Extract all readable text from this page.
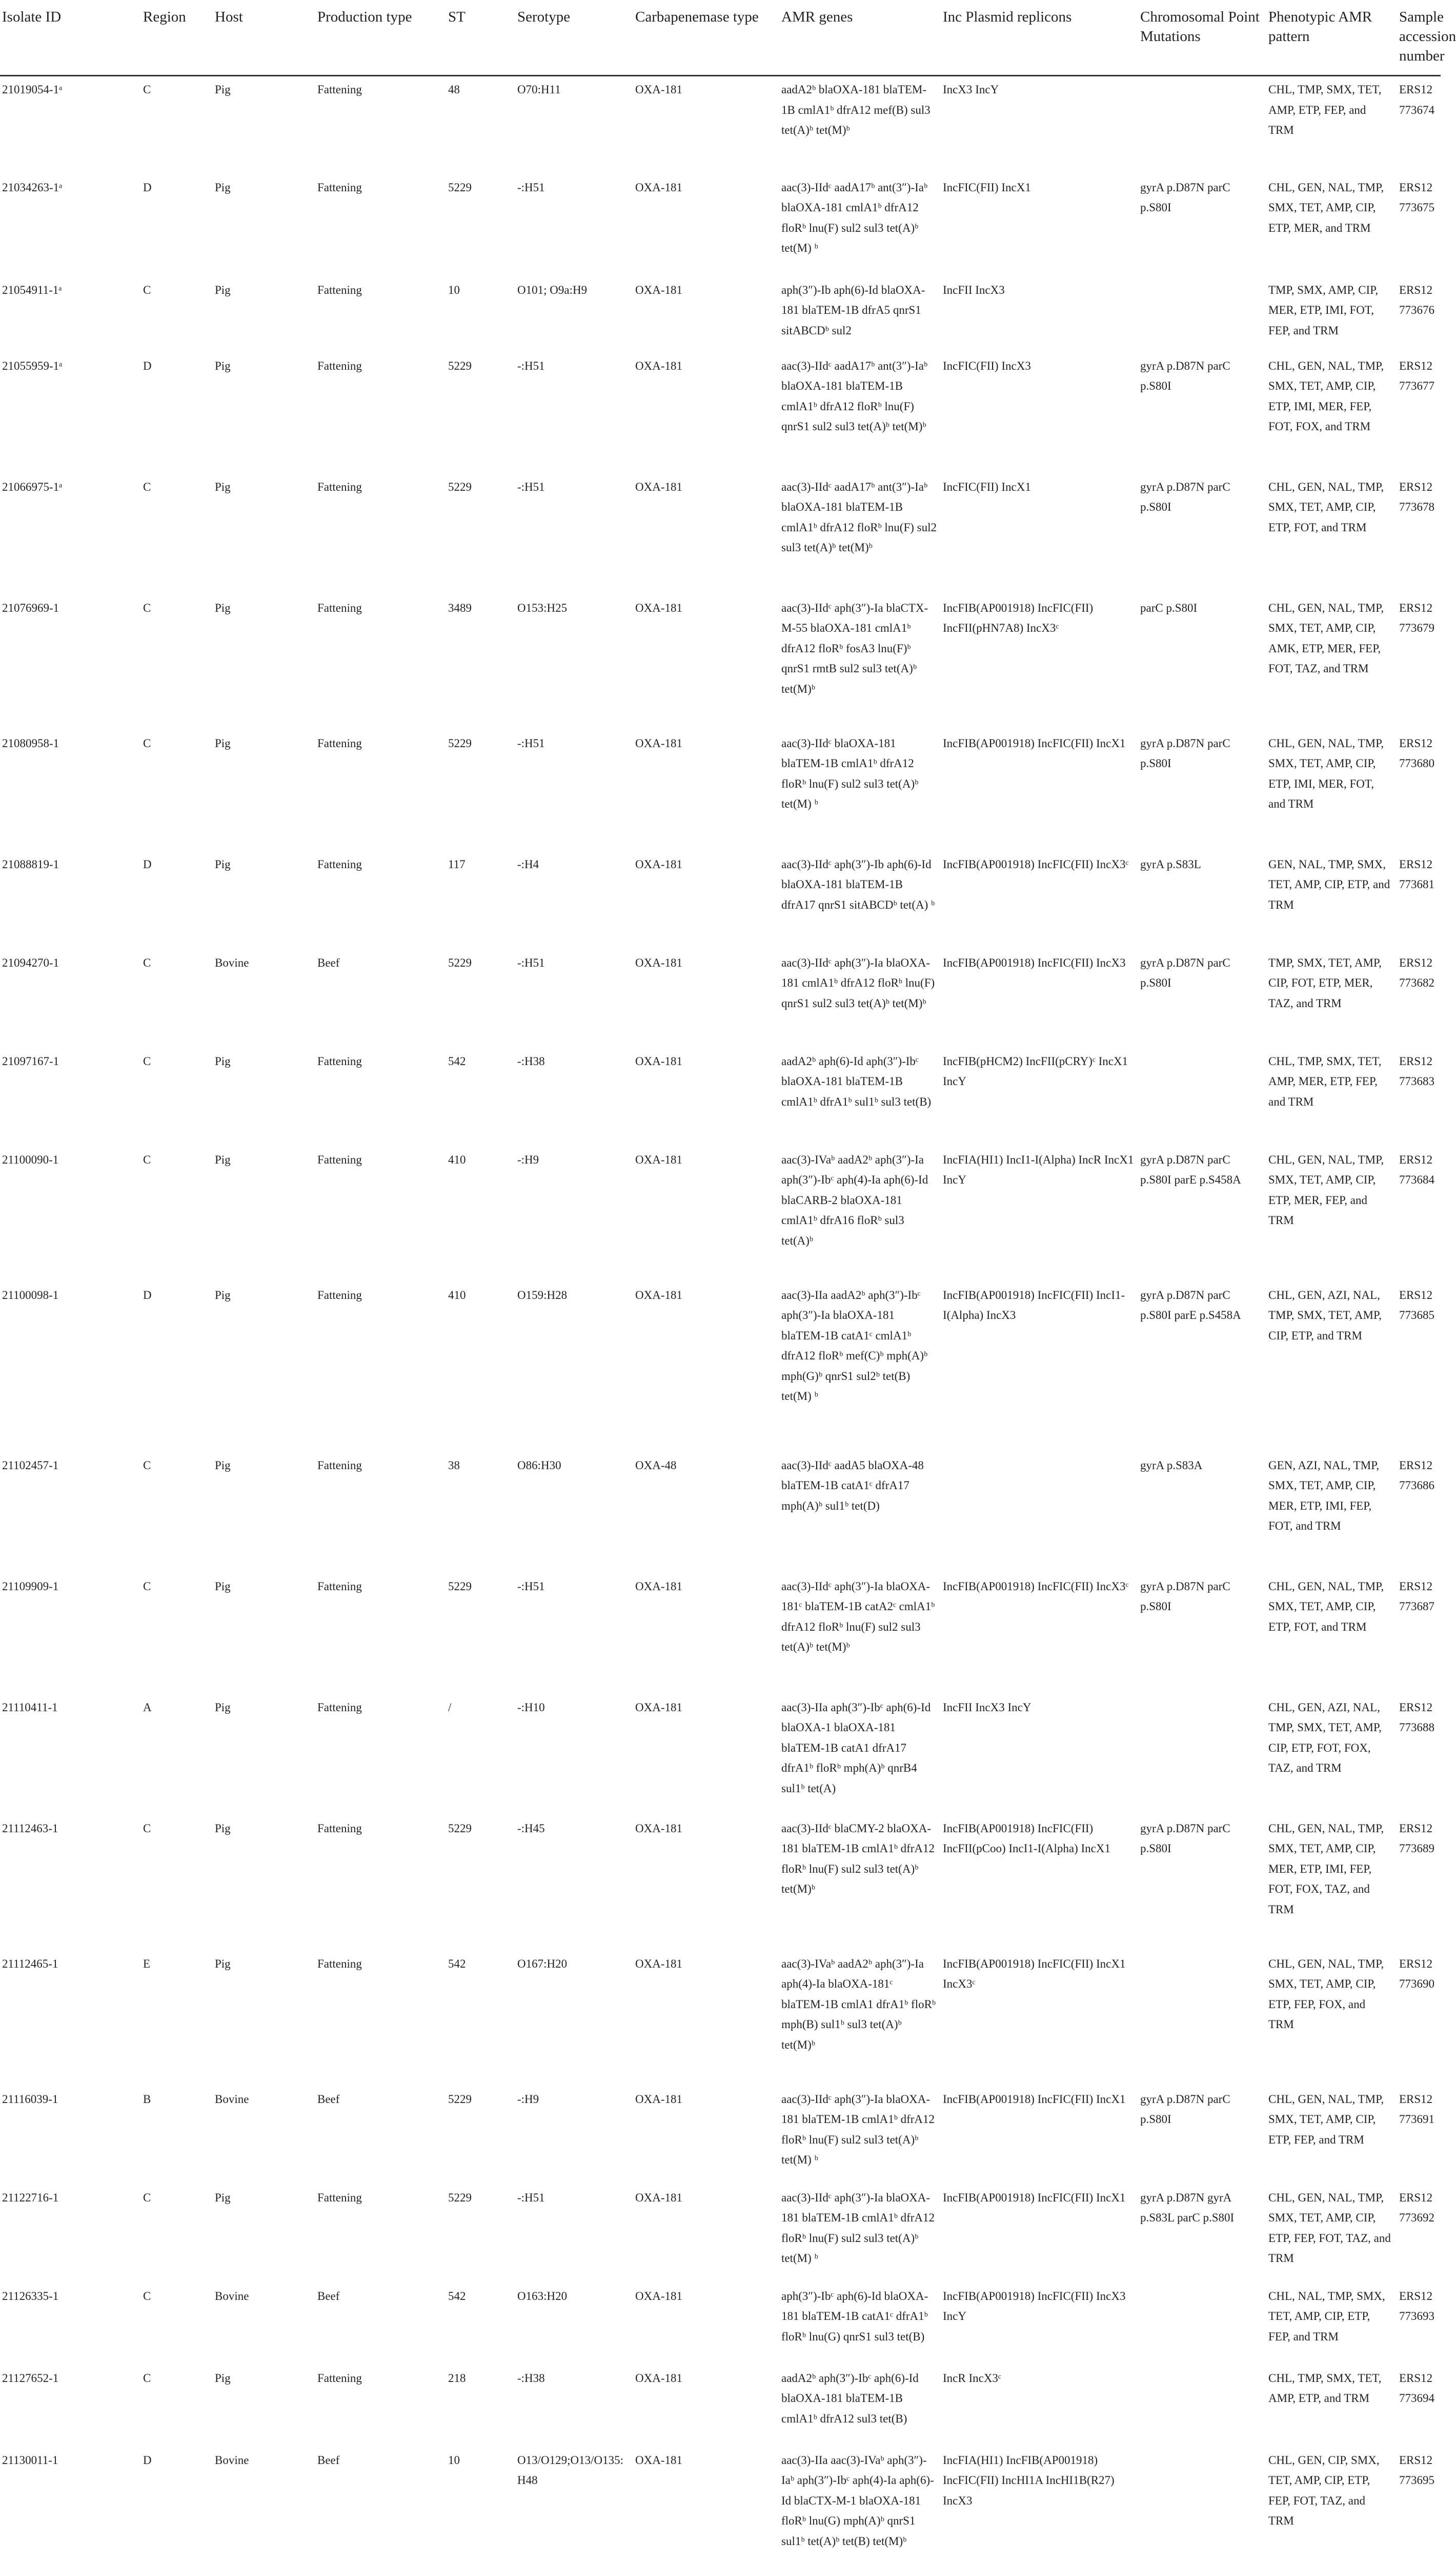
Isolate ID	Region	Host	Production type	ST	Serotype	Carbapenemase type	AMR genes	Inc Plasmid replicons	Chromosomal Point Mutations	Phenotypic AMR pattern	Sample accession number
21019054-1ᵃ	C	Pig	Fattening	48	O70:H11	OXA-181	aadA2ᵇ blaOXA-181 blaTEM-1B cmlA1ᵇ dfrA12 mef(B) sul3 tet(A)ᵇ tet(M)ᵇ	IncX3 IncY		CHL, TMP, SMX, TET, AMP, ETP, FEP, and TRM	ERS12773674
21034263-1ᵃ	D	Pig	Fattening	5229	-:H51	OXA-181	aac(3)-IIdᶜ aadA17ᵇ ant(3″)-Iaᵇ blaOXA-181 cmlA1ᵇ dfrA12 floRᵇ lnu(F) sul2 sul3 tet(A)ᵇ tet(M) ᵇ	IncFIC(FII) IncX1	gyrA p.D87N parC p.S80I	CHL, GEN, NAL, TMP, SMX, TET, AMP, CIP, ETP, MER, and TRM	ERS12773675
21054911-1ᵃ	C	Pig	Fattening	10	O101; O9a:H9	OXA-181	aph(3″)-Ib aph(6)-Id blaOXA-181 blaTEM-1B dfrA5 qnrS1 sitABCDᵇ sul2	IncFII IncX3		TMP, SMX, AMP, CIP, MER, ETP, IMI, FOT, FEP, and TRM	ERS12773676
21055959-1ᵃ	D	Pig	Fattening	5229	-:H51	OXA-181	aac(3)-IIdᶜ aadA17ᵇ ant(3″)-Iaᵇ blaOXA-181 blaTEM-1B cmlA1ᵇ dfrA12 floRᵇ lnu(F) qnrS1 sul2 sul3 tet(A)ᵇ tet(M)ᵇ	IncFIC(FII) IncX3	gyrA p.D87N parC p.S80I	CHL, GEN, NAL, TMP, SMX, TET, AMP, CIP, ETP, IMI, MER, FEP, FOT, FOX, and TRM	ERS12773677
21066975-1ᵃ	C	Pig	Fattening	5229	-:H51	OXA-181	aac(3)-IIdᶜ aadA17ᵇ ant(3″)-Iaᵇ blaOXA-181 blaTEM-1B cmlA1ᵇ dfrA12 floRᵇ lnu(F) sul2 sul3 tet(A)ᵇ tet(M)ᵇ	IncFIC(FII) IncX1	gyrA p.D87N parC p.S80I	CHL, GEN, NAL, TMP, SMX, TET, AMP, CIP, ETP, FOT, and TRM	ERS12773678
21076969-1	C	Pig	Fattening	3489	O153:H25	OXA-181	aac(3)-IIdᶜ aph(3″)-Ia blaCTX-M-55 blaOXA-181 cmlA1ᵇ dfrA12 floRᵇ fosA3 lnu(F)ᵇ qnrS1 rmtB sul2 sul3 tet(A)ᵇ tet(M)ᵇ	IncFIB(AP001918) IncFIC(FII) IncFII(pHN7A8) IncX3ᶜ	parC p.S80I	CHL, GEN, NAL, TMP, SMX, TET, AMP, CIP, AMK, ETP, MER, FEP, FOT, TAZ, and TRM	ERS12773679
21080958-1	C	Pig	Fattening	5229	-:H51	OXA-181	aac(3)-IIdᶜ blaOXA-181 blaTEM-1B cmlA1ᵇ dfrA12 floRᵇ lnu(F) sul2 sul3 tet(A)ᵇ tet(M) ᵇ	IncFIB(AP001918) IncFIC(FII) IncX1	gyrA p.D87N parC p.S80I	CHL, GEN, NAL, TMP, SMX, TET, AMP, CIP, ETP, IMI, MER, FOT, and TRM	ERS12773680
21088819-1	D	Pig	Fattening	117	-:H4	OXA-181	aac(3)-IIdᶜ aph(3″)-Ib aph(6)-Id blaOXA-181 blaTEM-1B dfrA17 qnrS1 sitABCDᵇ tet(A) ᵇ	IncFIB(AP001918) IncFIC(FII) IncX3ᶜ	gyrA p.S83L	GEN, NAL, TMP, SMX, TET, AMP, CIP, ETP, and TRM	ERS12773681
21094270-1	C	Bovine	Beef	5229	-:H51	OXA-181	aac(3)-IIdᶜ aph(3″)-Ia blaOXA-181 cmlA1ᵇ dfrA12 floRᵇ lnu(F) qnrS1 sul2 sul3 tet(A)ᵇ tet(M)ᵇ	IncFIB(AP001918) IncFIC(FII) IncX3	gyrA p.D87N parC p.S80I	TMP, SMX, TET, AMP, CIP, FOT, ETP, MER, TAZ, and TRM	ERS12773682
21097167-1	C	Pig	Fattening	542	-:H38	OXA-181	aadA2ᵇ aph(6)-Id aph(3″)-Ibᶜ blaOXA-181 blaTEM-1B cmlA1ᵇ dfrA1ᵇ sul1ᵇ sul3 tet(B)	IncFIB(pHCM2) IncFII(pCRY)ᶜ IncX1 IncY		CHL, TMP, SMX, TET, AMP, MER, ETP, FEP, and TRM	ERS12773683
21100090-1	C	Pig	Fattening	410	-:H9	OXA-181	aac(3)-IVaᵇ aadA2ᵇ aph(3″)-Ia aph(3″)-Ibᶜ aph(4)-Ia aph(6)-Id blaCARB-2 blaOXA-181 cmlA1ᵇ dfrA16 floRᵇ sul3 tet(A)ᵇ	IncFIA(HI1) IncI1-I(Alpha) IncR IncX1 IncY	gyrA p.D87N parC p.S80I parE p.S458A	CHL, GEN, NAL, TMP, SMX, TET, AMP, CIP, ETP, MER, FEP, and TRM	ERS12773684
21100098-1	D	Pig	Fattening	410	O159:H28	OXA-181	aac(3)-IIa aadA2ᵇ aph(3″)-Ibᶜ aph(3″)-Ia blaOXA-181 blaTEM-1B catA1ᶜ cmlA1ᵇ dfrA12 floRᵇ mef(C)ᵇ mph(A)ᵇ mph(G)ᵇ qnrS1 sul2ᵇ tet(B) tet(M) ᵇ	IncFIB(AP001918) IncFIC(FII) IncI1-I(Alpha) IncX3	gyrA p.D87N parC p.S80I parE p.S458A	CHL, GEN, AZI, NAL, TMP, SMX, TET, AMP, CIP, ETP, and TRM	ERS12773685
21102457-1	C	Pig	Fattening	38	O86:H30	OXA-48	aac(3)-IIdᶜ aadA5 blaOXA-48 blaTEM-1B catA1ᶜ dfrA17 mph(A)ᵇ sul1ᵇ tet(D)		gyrA p.S83A	GEN, AZI, NAL, TMP, SMX, TET, AMP, CIP, MER, ETP, IMI, FEP, FOT, and TRM	ERS12773686
21109909-1	C	Pig	Fattening	5229	-:H51	OXA-181	aac(3)-IIdᶜ aph(3″)-Ia blaOXA-181ᶜ blaTEM-1B catA2ᶜ cmlA1ᵇ dfrA12 floRᵇ lnu(F) sul2 sul3 tet(A)ᵇ tet(M)ᵇ	IncFIB(AP001918) IncFIC(FII) IncX3ᶜ	gyrA p.D87N parC p.S80I	CHL, GEN, NAL, TMP, SMX, TET, AMP, CIP, ETP, FOT, and TRM	ERS12773687
21110411-1	A	Pig	Fattening	/	-:H10	OXA-181	aac(3)-IIa aph(3″)-Ibᶜ aph(6)-Id blaOXA-1 blaOXA-181 blaTEM-1B catA1 dfrA17 dfrA1ᵇ floRᵇ mph(A)ᵇ qnrB4 sul1ᵇ tet(A)	IncFII IncX3 IncY		CHL, GEN, AZI, NAL, TMP, SMX, TET, AMP, CIP, ETP, FOT, FOX, TAZ, and TRM	ERS12773688
21112463-1	C	Pig	Fattening	5229	-:H45	OXA-181	aac(3)-IIdᶜ blaCMY-2 blaOXA-181 blaTEM-1B cmlA1ᵇ dfrA12 floRᵇ lnu(F) sul2 sul3 tet(A)ᵇ tet(M)ᵇ	IncFIB(AP001918) IncFIC(FII) IncFII(pCoo) IncI1-I(Alpha) IncX1	gyrA p.D87N parC p.S80I	CHL, GEN, NAL, TMP, SMX, TET, AMP, CIP, MER, ETP, IMI, FEP, FOT, FOX, TAZ, and TRM	ERS12773689
21112465-1	E	Pig	Fattening	542	O167:H20	OXA-181	aac(3)-IVaᵇ aadA2ᵇ aph(3″)-Ia aph(4)-Ia blaOXA-181ᶜ blaTEM-1B cmlA1 dfrA1ᵇ floRᵇ mph(B) sul1ᵇ sul3 tet(A)ᵇ tet(M)ᵇ	IncFIB(AP001918) IncFIC(FII) IncX1 IncX3ᶜ		CHL, GEN, NAL, TMP, SMX, TET, AMP, CIP, ETP, FEP, FOX, and TRM	ERS12773690
21116039-1	B	Bovine	Beef	5229	-:H9	OXA-181	aac(3)-IIdᶜ aph(3″)-Ia blaOXA-181 blaTEM-1B cmlA1ᵇ dfrA12 floRᵇ lnu(F) sul2 sul3 tet(A)ᵇ tet(M) ᵇ	IncFIB(AP001918) IncFIC(FII) IncX1	gyrA p.D87N parC p.S80I	CHL, GEN, NAL, TMP, SMX, TET, AMP, CIP, ETP, FEP, and TRM	ERS12773691
21122716-1	C	Pig	Fattening	5229	-:H51	OXA-181	aac(3)-IIdᶜ aph(3″)-Ia blaOXA-181 blaTEM-1B cmlA1ᵇ dfrA12 floRᵇ lnu(F) sul2 sul3 tet(A)ᵇ tet(M) ᵇ	IncFIB(AP001918) IncFIC(FII) IncX1	gyrA p.D87N gyrA p.S83L parC p.S80I	CHL, GEN, NAL, TMP, SMX, TET, AMP, CIP, ETP, FEP, FOT, TAZ, and TRM	ERS12773692
21126335-1	C	Bovine	Beef	542	O163:H20	OXA-181	aph(3″)-Ibᶜ aph(6)-Id blaOXA-181 blaTEM-1B catA1ᶜ dfrA1ᵇ floRᵇ lnu(G) qnrS1 sul3 tet(B)	IncFIB(AP001918) IncFIC(FII) IncX3 IncY		CHL, NAL, TMP, SMX, TET, AMP, CIP, ETP, FEP, and TRM	ERS12773693
21127652-1	C	Pig	Fattening	218	-:H38	OXA-181	aadA2ᵇ aph(3″)-Ibᶜ aph(6)-Id blaOXA-181 blaTEM-1B cmlA1ᵇ dfrA12 sul3 tet(B)	IncR IncX3ᶜ		CHL, TMP, SMX, TET, AMP, ETP, and TRM	ERS12773694
21130011-1	D	Bovine	Beef	10	O13/O129;O13/O135:H48	OXA-181	aac(3)-IIa aac(3)-IVaᵇ aph(3″)-Iaᵇ aph(3″)-Ibᶜ aph(4)-Ia aph(6)-Id blaCTX-M-1 blaOXA-181 floRᵇ lnu(G) mph(A)ᵇ qnrS1 sul1ᵇ tet(A)ᵇ tet(B) tet(M)ᵇ	IncFIA(HI1) IncFIB(AP001918) IncFIC(FII) IncHI1A IncHI1B(R27) IncX3		CHL, GEN, CIP, SMX, TET, AMP, CIP, ETP, FEP, FOT, TAZ, and TRM	ERS12773695
